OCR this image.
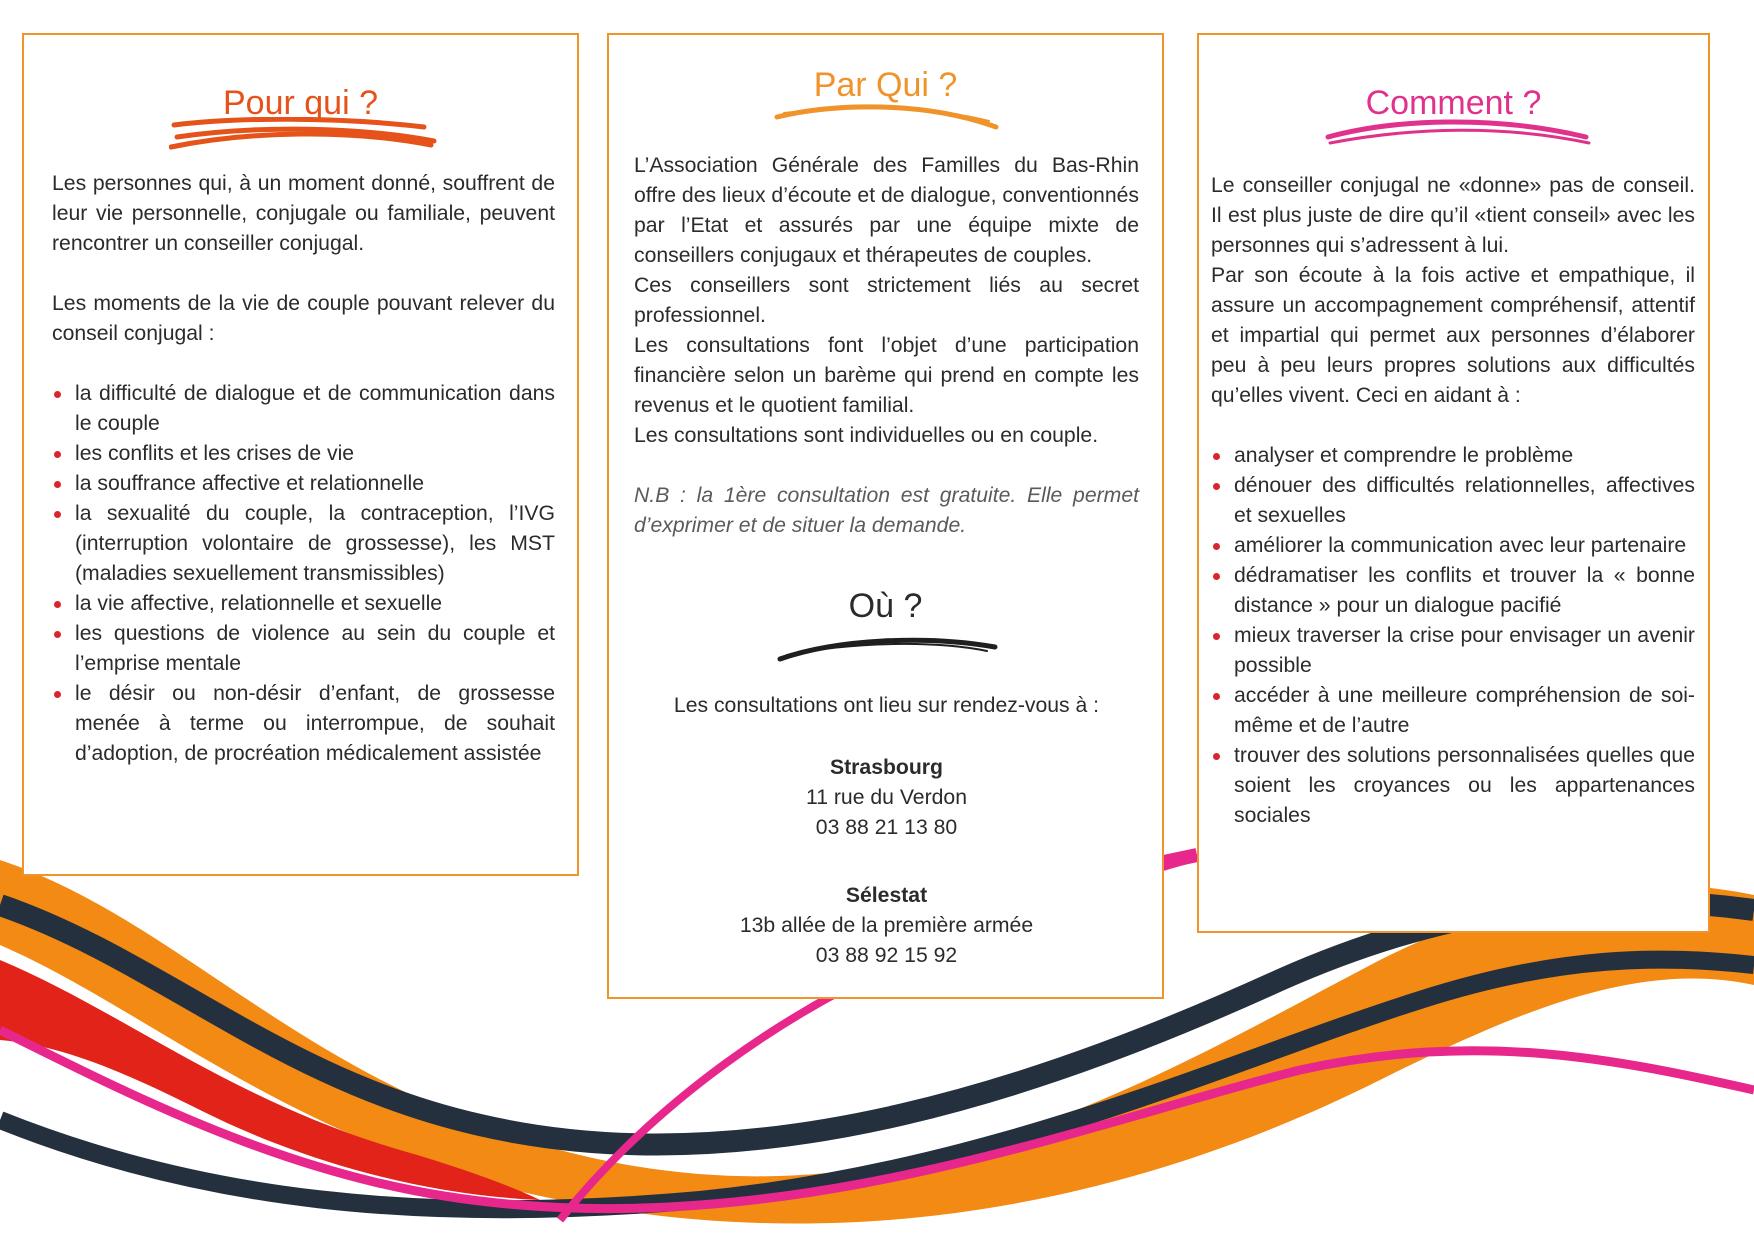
Pour qui ?

Les personnes qui, à un moment donné, souffrent de leur vie personnelle, conjugale ou familiale, peuvent rencontrer un conseiller conjugal.

Les moments de la vie de couple pouvant relever du conseil conjugal :

la difficulté de dialogue et de communication dans le couple
les conflits et les crises de vie
la souffrance affective et relationnelle
la sexualité du couple, la contraception, l’IVG (interruption volontaire de grossesse), les MST (maladies sexuellement transmissibles)
la vie affective, relationnelle et sexuelle
les questions de violence au sein du couple et l’emprise mentale
le désir ou non-désir d’enfant, de grossesse menée à terme ou interrompue, de souhait d’adoption, de procréation médicalement assistée
Par Qui ?

L’Association Générale des Familles du Bas-Rhin offre des lieux d’écoute et de dialogue, conventionnés par l’Etat et assurés par une équipe mixte de conseillers conjugaux et thérapeutes de couples.

Ces conseillers sont strictement liés au secret professionnel.

Les consultations font l’objet d’une participation financière selon un barème qui prend en compte les revenus et le quotient familial.

Les consultations sont individuelles ou en couple.

N.B : la 1ère consultation est gratuite. Elle permet d’exprimer et de situer la demande.

Où ?

Les consultations ont lieu sur rendez-vous à :

Strasbourg

11 rue du Verdon

03 88 21 13 80

Sélestat

13b allée de la première armée

03 88 92 15 92

Comment ?

Le conseiller conjugal ne «donne» pas de conseil. Il est plus juste de dire qu’il «tient conseil» avec les personnes qui s’adressent à lui.

Par son écoute à la fois active et empathique, il assure un accompagnement compréhensif, attentif et impartial qui permet aux personnes d’élaborer peu à peu leurs propres solutions aux difficultés qu’elles vivent. Ceci en aidant à :

analyser et comprendre le problème
dénouer des difficultés relationnelles, affectives et sexuelles
améliorer la communication avec leur partenaire
dédramatiser les conflits et trouver la « bonne distance » pour un dialogue pacifié
mieux traverser la crise pour envisager un avenir possible
accéder à une meilleure compréhension de soi-même et de l’autre
trouver des solutions personnalisées quelles que soient les croyances ou les appartenances sociales
